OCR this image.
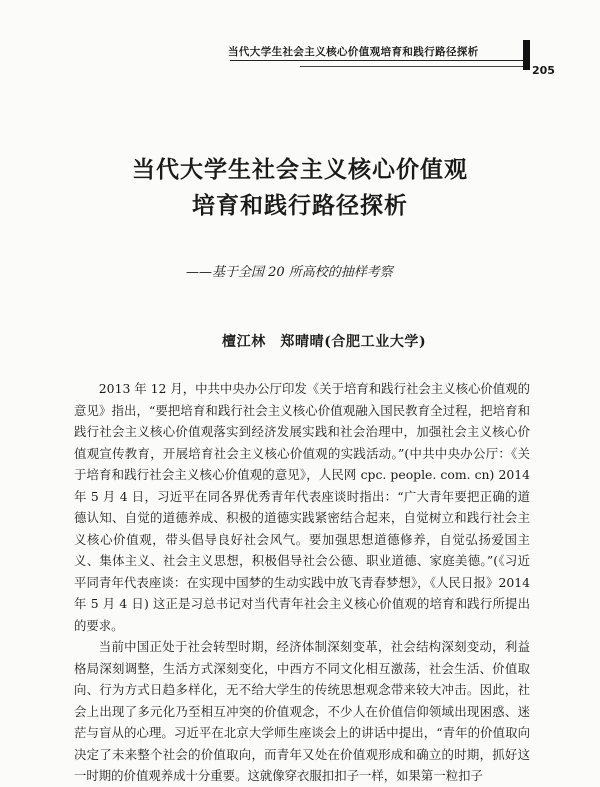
当代大学生社会主义核心价值观培育和践行路径探析
205
当代大学生社会主义核心价值观
培育和践行路径探析
——基于全国 20 所高校的抽样考察
檀江林　郑晴晴(合肥工业大学)

2013 年 12 月，中共中央办公厅印发《关于培育和践行社会主义核心价值观的意见》指出，“要把培育和践行社会主义核心价值观融入国民教育全过程，把培育和践行社会主义核心价值观落实到经济发展实践和社会治理中，加强社会主义核心价值观宣传教育，开展培育社会主义核心价值观的实践活动。”(中共中央办公厅：《关于培育和践行社会主义核心价值观的意见》，人民网 cpc. people. com. cn) 2014 年 5 月 4 日，习近平在同各界优秀青年代表座谈时指出：“广大青年要把正确的道德认知、自觉的道德养成、积极的道德实践紧密结合起来，自觉树立和践行社会主义核心价值观，带头倡导良好社会风气。要加强思想道德修养，自觉弘扬爱国主义、集体主义、社会主义思想，积极倡导社会公德、职业道德、家庭美德。”(《习近平同青年代表座谈：在实现中国梦的生动实践中放飞青春梦想》，《人民日报》2014 年 5 月 4 日) 这正是习总书记对当代青年社会主义核心价值观的培育和践行所提出的要求。

当前中国正处于社会转型时期，经济体制深刻变革，社会结构深刻变动，利益格局深刻调整，生活方式深刻变化，中西方不同文化相互激荡，社会生活、价值取向、行为方式日趋多样化，无不给大学生的传统思想观念带来较大冲击。因此，社会上出现了多元化乃至相互冲突的价值观念，不少人在价值信仰领域出现困惑、迷茫与盲从的心理。习近平在北京大学师生座谈会上的讲话中提出，“青年的价值取向决定了未来整个社会的价值取向，而青年又处在价值观形成和确立的时期，抓好这一时期的价值观养成十分重要。这就像穿衣服扣扣子一样，如果第一粒扣子
